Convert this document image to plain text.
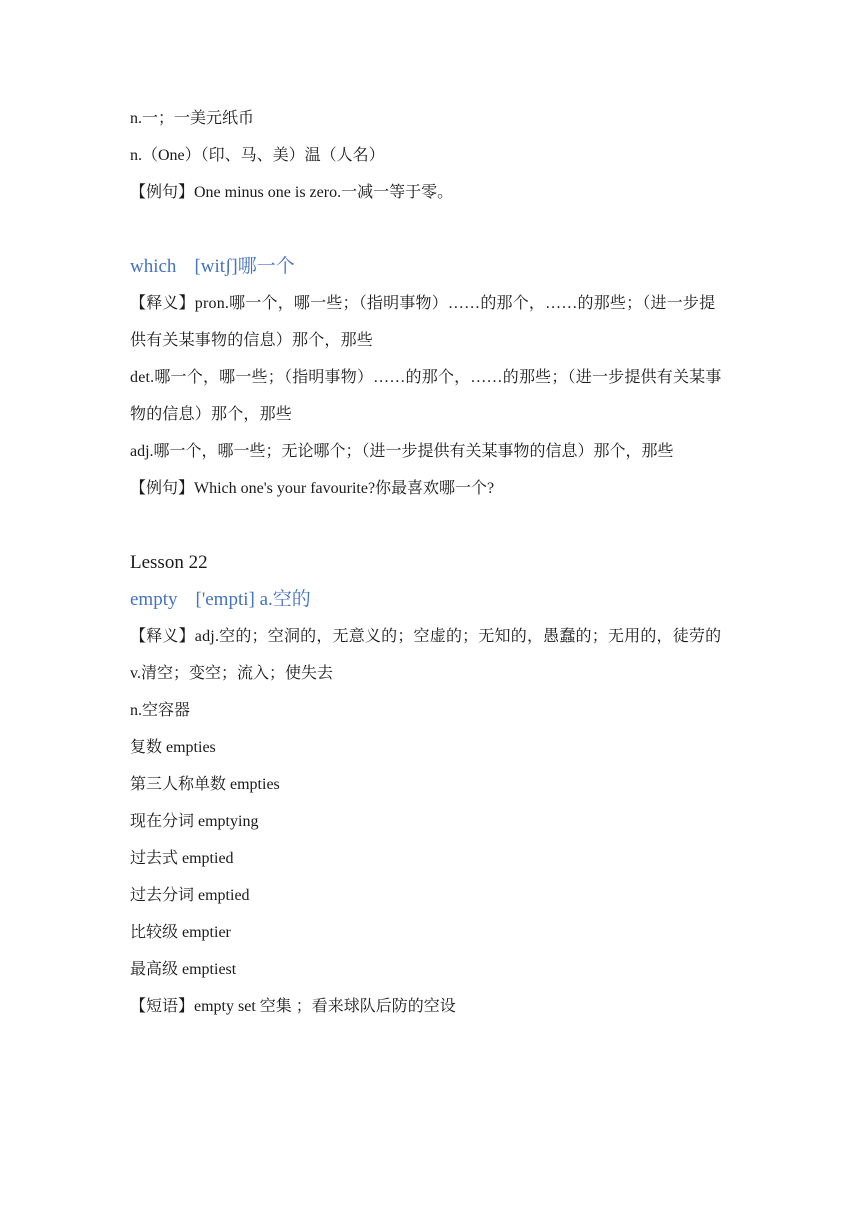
n.一；一美元纸币
n.（One）（印、马、美）温（人名）
【例句】One minus one is zero.一减一等于零。
which [witʃ]哪一个
【释义】pron.哪一个，哪一些；（指明事物）……的那个，……的那些；（进一步提供有关某事物的信息）那个，那些
det.哪一个，哪一些；（指明事物）……的那个，……的那些；（进一步提供有关某事物的信息）那个，那些
adj.哪一个，哪一些；无论哪个；（进一步提供有关某事物的信息）那个，那些
【例句】Which one's your favourite?你最喜欢哪一个?
Lesson 22
empty ['empti] a.空的
【释义】adj.空的；空洞的，无意义的；空虚的；无知的，愚蠢的；无用的，徒劳的
v.清空；变空；流入；使失去
n.空容器
复数 empties
第三人称单数 empties
现在分词 emptying
过去式 emptied
过去分词 emptied
比较级 emptier
最高级 emptiest
【短语】empty set 空集 ；看来球队后防的空设
